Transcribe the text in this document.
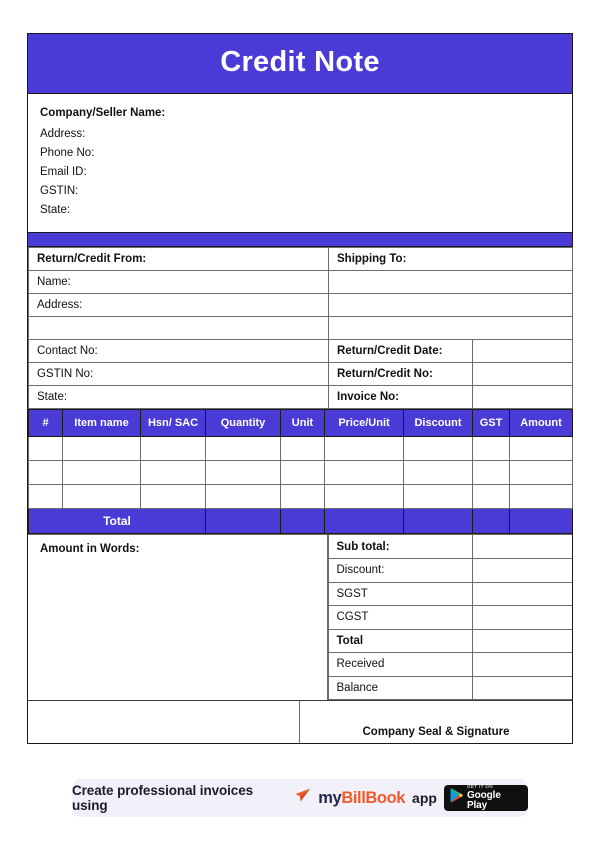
Credit Note
Company/Seller Name:
Address:
Phone No:
Email ID:
GSTIN:
State:
Return/Credit From:	Shipping To:	
Name:		
Address:		

Contact No:	Return/Credit Date:	
GSTIN No:	Return/Credit No:	
State:	Invoice No:	
#	Item name	Hsn/ SAC	Quantity	Unit	Price/Unit	Discount	GST	Amount

Total								
Amount in Words:	Sub total:	
Discount:	
SGST	
CGST	
Total	
Received	
Balance	
Company Seal & Signature
Create professional invoices using	myBillBook app
GET IT ON
Google Play
